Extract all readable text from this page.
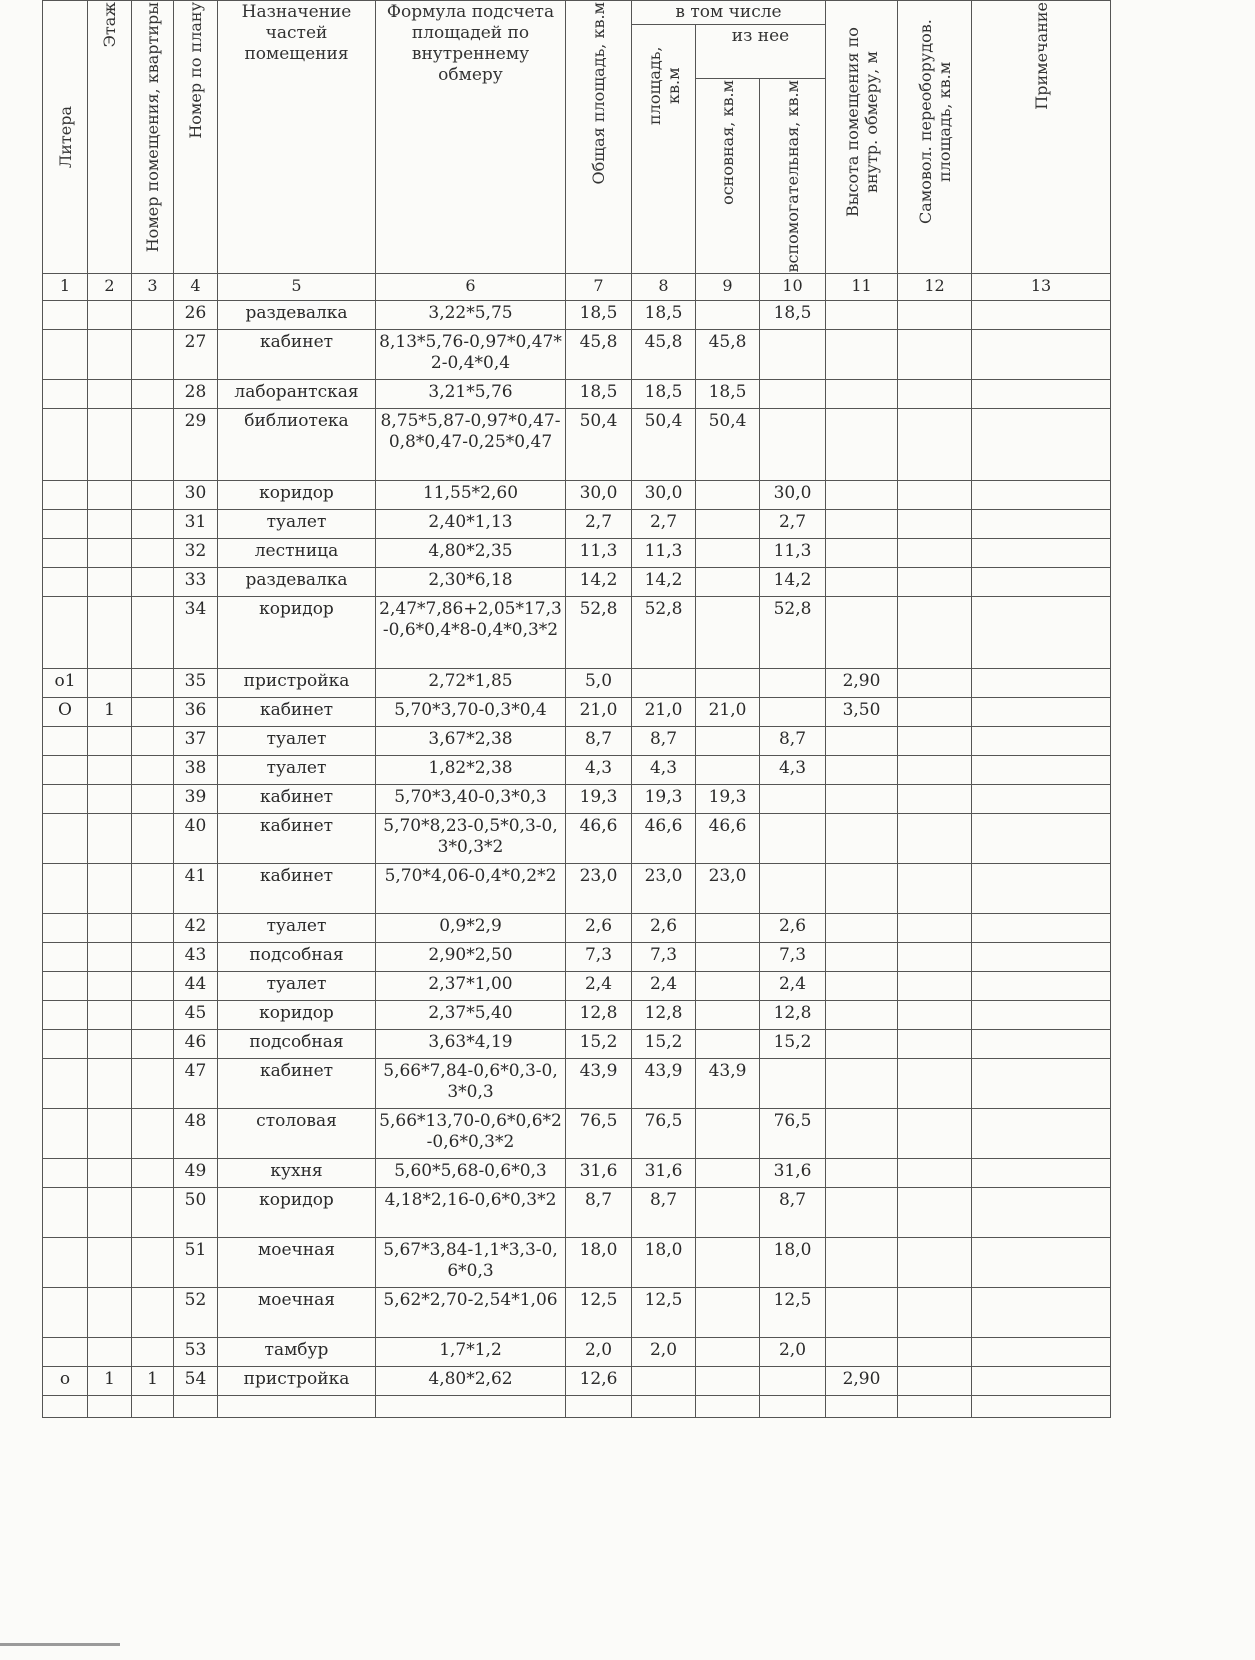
Литера	Этаж	Номер помещения, квартиры	Номер по плану	Назначение частей помещения	Формула подсчета площадей по внутреннему обмеру	Общая площадь, кв.м	в том числе			Высота помещения по внутр. обмеру, м	Самовол. переоборудов. площадь, кв.м	Примечание

							площадь, кв.м	из нее				

								основная, кв.м	вспомогательная, кв.м			

1	2	3	4	5	6	7	8	9	10	11	12	13
			26	раздевалка	3,22*5,75	18,5	18,5		18,5			
			27	кабинет	8,13*5,76-0,97*0,47*2-0,4*0,4	45,8	45,8	45,8				
			28	лаборантская	3,21*5,76	18,5	18,5	18,5				
			29	библиотека	8,75*5,87-0,97*0,47-0,8*0,47-0,25*0,47	50,4	50,4	50,4				
			30	коридор	11,55*2,60	30,0	30,0		30,0			
			31	туалет	2,40*1,13	2,7	2,7		2,7			
			32	лестница	4,80*2,35	11,3	11,3		11,3			
			33	раздевалка	2,30*6,18	14,2	14,2		14,2			
			34	коридор	2,47*7,86+2,05*17,3-0,6*0,4*8-0,4*0,3*2	52,8	52,8		52,8			
о1			35	пристройка	2,72*1,85	5,0				2,90		
О	1		36	кабинет	5,70*3,70-0,3*0,4	21,0	21,0	21,0		3,50		
			37	туалет	3,67*2,38	8,7	8,7		8,7			
			38	туалет	1,82*2,38	4,3	4,3		4,3			
			39	кабинет	5,70*3,40-0,3*0,3	19,3	19,3	19,3				
			40	кабинет	5,70*8,23-0,5*0,3-0,3*0,3*2	46,6	46,6	46,6				
			41	кабинет	5,70*4,06-0,4*0,2*2	23,0	23,0	23,0				
			42	туалет	0,9*2,9	2,6	2,6		2,6			
			43	подсобная	2,90*2,50	7,3	7,3		7,3			
			44	туалет	2,37*1,00	2,4	2,4		2,4			
			45	коридор	2,37*5,40	12,8	12,8		12,8			
			46	подсобная	3,63*4,19	15,2	15,2		15,2			
			47	кабинет	5,66*7,84-0,6*0,3-0,3*0,3	43,9	43,9	43,9				
			48	столовая	5,66*13,70-0,6*0,6*2-0,6*0,3*2	76,5	76,5		76,5			
			49	кухня	5,60*5,68-0,6*0,3	31,6	31,6		31,6			
			50	коридор	4,18*2,16-0,6*0,3*2	8,7	8,7		8,7			
			51	моечная	5,67*3,84-1,1*3,3-0,6*0,3	18,0	18,0		18,0			
			52	моечная	5,62*2,70-2,54*1,06	12,5	12,5		12,5			
			53	тамбур	1,7*1,2	2,0	2,0		2,0			
о	1	1	54	пристройка	4,80*2,62	12,6				2,90		
